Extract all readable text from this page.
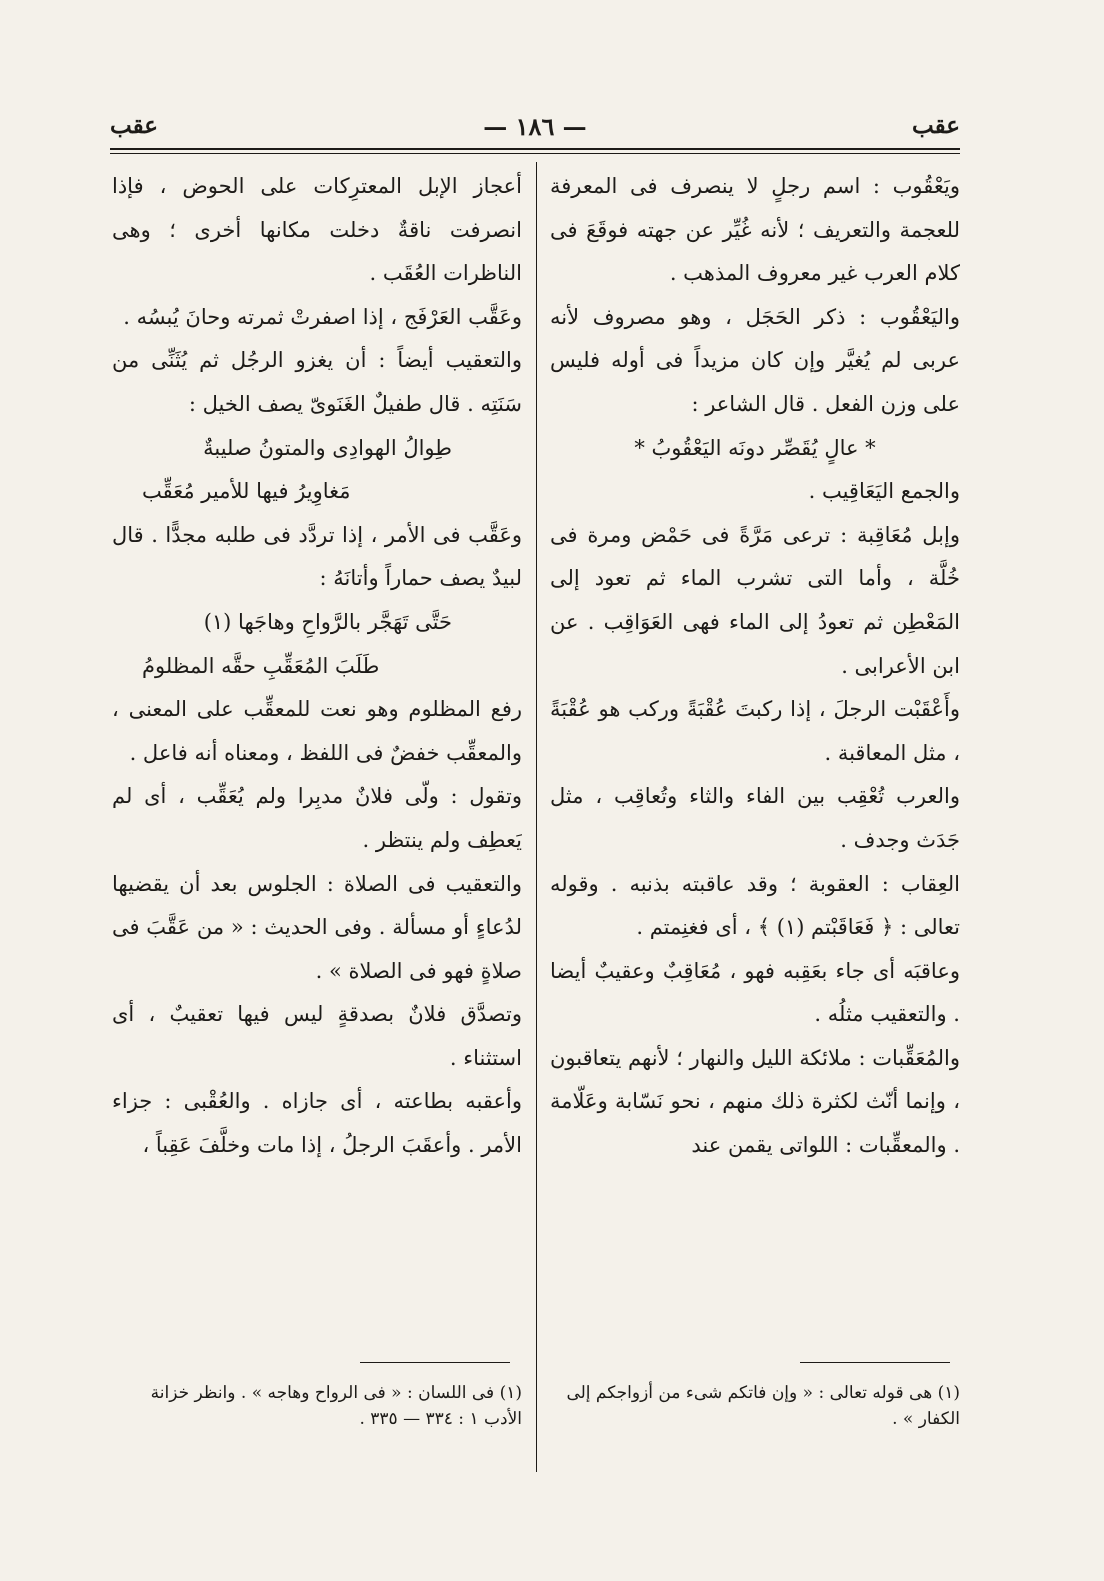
عقب
— ١٨٦ —
عقب

ويَعْقُوب : اسم رجلٍ لا ينصرف فى المعرفة للعجمة والتعريف ؛ لأنه غُيِّر عن جهته فوقَعَ فى كلام العرب غير معروف المذهب .

واليَعْقُوب : ذكر الحَجَل ، وهو مصروف لأنه عربى لم يُغيَّر وإن كان مزيداً فى أوله فليس على وزن الفعل . قال الشاعر :

* عالٍ يُقَصِّر دونَه اليَعْقُوبُ *

والجمع اليَعَاقِيب .

وإبل مُعَاقِبة : ترعى مَرَّةً فى حَمْض ومرة فى خُلَّة ، وأما التى تشرب الماء ثم تعود إلى المَعْطِن ثم تعودُ إلى الماء فهى العَوَاقِب . عن ابن الأعرابى .

وأَعْقَبْت الرجلَ ، إذا ركبتَ عُقْبَةً وركب هو عُقْبَةً ، مثل المعاقبة .

والعرب تُعْقِب بين الفاء والثاء وتُعاقِب ، مثل جَدَث وجدف .

العِقاب : العقوبة ؛ وقد عاقبته بذنبه . وقوله تعالى : ﴿ فَعَاقَبْتم (١) ﴾ ، أى فغنِمتم .

وعاقبَه أى جاء بعَقِبه فهو ، مُعَاقِبٌ وعقيبٌ أيضا . والتعقيب مثلُه .

والمُعَقِّبات : ملائكة الليل والنهار ؛ لأنهم يتعاقبون ، وإنما أنّث لكثرة ذلك منهم ، نحو نَسّابة وعَلّامة . والمعقِّبات : اللواتى يقمن عند

أعجاز الإبل المعترِكات على الحوض ، فإذا انصرفت ناقةٌ دخلت مكانها أخرى ؛ وهى الناظرات العُقَب .

وعَقَّب العَرْفَج ، إذا اصفرتْ ثمرته وحانَ يُبسُه .

والتعقيب أيضاً : أن يغزو الرجُل ثم يُثَنِّى من سَنَتِه . قال طفيلٌ الغَنَوىّ يصف الخيل :

طِوالُ الهوادِى والمتونُ صليبةٌ

مَغاوِيرُ فيها للأمير مُعَقِّب

وعَقَّب فى الأمر ، إذا تردَّد فى طلبه مجدًّا . قال لبيدٌ يصف حماراً وأتانَهُ :

حَتَّى تَهَجَّر بالرَّواحِ وهاجَها (١)

طَلَبَ المُعَقِّبِ حقَّه المظلومُ

رفع المظلوم وهو نعت للمعقِّب على المعنى ، والمعقِّب خفضٌ فى اللفظ ، ومعناه أنه فاعل .

وتقول : ولّى فلانٌ مدبِرا ولم يُعَقِّب ، أى لم يَعطِف ولم ينتظر .

والتعقيب فى الصلاة : الجلوس بعد أن يقضيها لدُعاءٍ أو مسألة . وفى الحديث : « من عَقَّبَ فى صلاةٍ فهو فى الصلاة » .

وتصدَّق فلانٌ بصدقةٍ ليس فيها تعقيبٌ ، أى استثناء .

وأعقبه بطاعته ، أى جازاه . والعُقْبى : جزاء الأمر . وأعقَبَ الرجلُ ، إذا مات وخلَّفَ عَقِباً ،

(١) هى قوله تعالى : « وإن فاتكم شىء من أزواجكم إلى الكفار » .
(١) فى اللسان : « فى الرواح وهاجه » . وانظر خزانة الأدب ١ : ٣٣٤ — ٣٣٥ .
